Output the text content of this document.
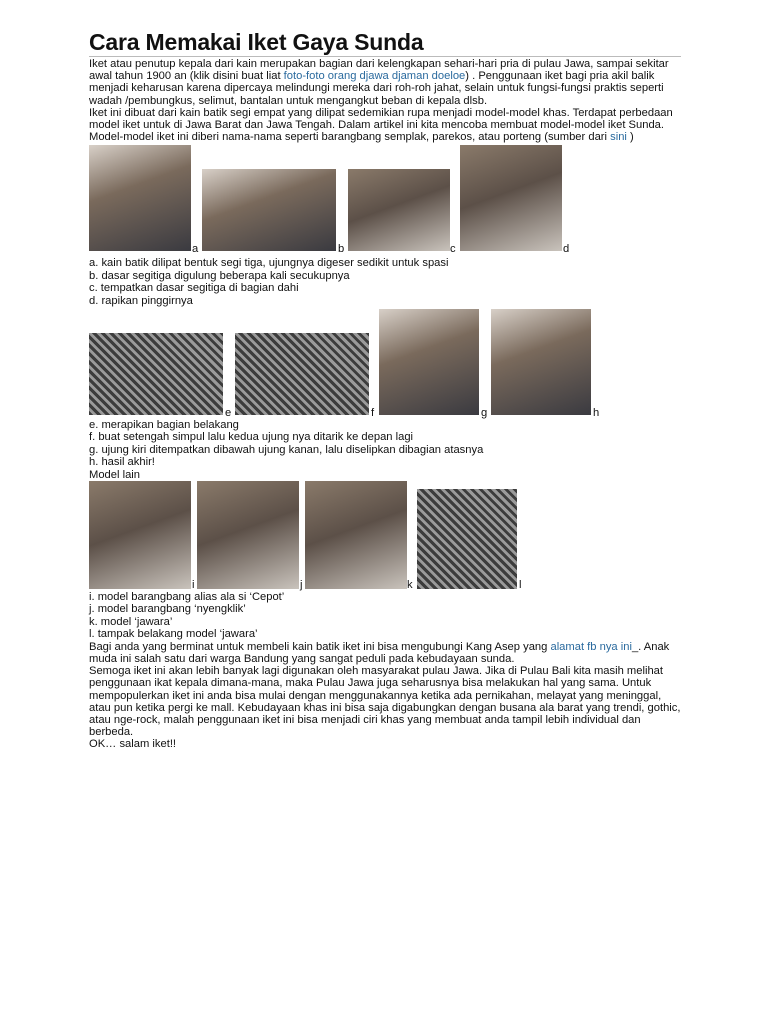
Cara Memakai Iket Gaya Sunda

Iket atau penutup kepala dari kain merupakan bagian dari kelengkapan sehari-hari pria di pulau Jawa, sampai sekitar awal tahun 1900 an (klik disini buat liat foto-foto orang djawa djaman doeloe) . Penggunaan iket bagi pria akil balik menjadi keharusan karena dipercaya melindungi mereka dari roh-roh jahat, selain untuk fungsi-fungsi praktis seperti wadah /pembungkus, selimut, bantalan untuk mengangkut beban di kepala dlsb.

Iket ini dibuat dari kain batik segi empat yang dilipat sedemikian rupa menjadi model-model khas. Terdapat perbedaan model iket untuk di Jawa Barat dan Jawa Tengah. Dalam artikel ini kita mencoba membuat model-model iket Sunda. Model-model iket ini diberi nama-nama seperti barangbang semplak, parekos, atau porteng (sumber dari sini )

a	b	c	d

a. kain batik dilipat bentuk segi tiga, ujungnya digeser sedikit untuk spasi

b. dasar segitiga digulung beberapa kali secukupnya

c. tempatkan dasar segitiga di bagian dahi

d. rapikan pinggirnya

e	f	g	h

e. merapikan bagian belakang

f. buat setengah simpul lalu kedua ujung nya ditarik ke depan lagi

g. ujung kiri ditempatkan dibawah ujung kanan, lalu diselipkan dibagian atasnya

h. hasil akhir!

Model lain

i	j	k	l

i. model barangbang alias ala si ‘Cepot’

j. model barangbang ‘nyengklik’

k. model ‘jawara’

l. tampak belakang model ‘jawara’

Bagi anda yang berminat untuk membeli kain batik iket ini bisa mengubungi Kang Asep yang alamat fb nya ini_. Anak muda ini salah satu dari warga Bandung yang sangat peduli pada kebudayaan sunda.

Semoga iket ini akan lebih banyak lagi digunakan oleh masyarakat pulau Jawa. Jika di Pulau Bali kita masih melihat penggunaan ikat kepala dimana-mana, maka Pulau Jawa juga seharusnya bisa melakukan hal yang sama. Untuk mempopulerkan iket ini anda bisa mulai dengan menggunakannya ketika ada pernikahan, melayat yang meninggal, atau pun ketika pergi ke mall. Kebudayaan khas ini bisa saja digabungkan dengan busana ala barat yang trendi, gothic, atau nge-rock, malah penggunaan iket ini bisa menjadi ciri khas yang membuat anda tampil lebih individual dan berbeda.

OK… salam iket!!
